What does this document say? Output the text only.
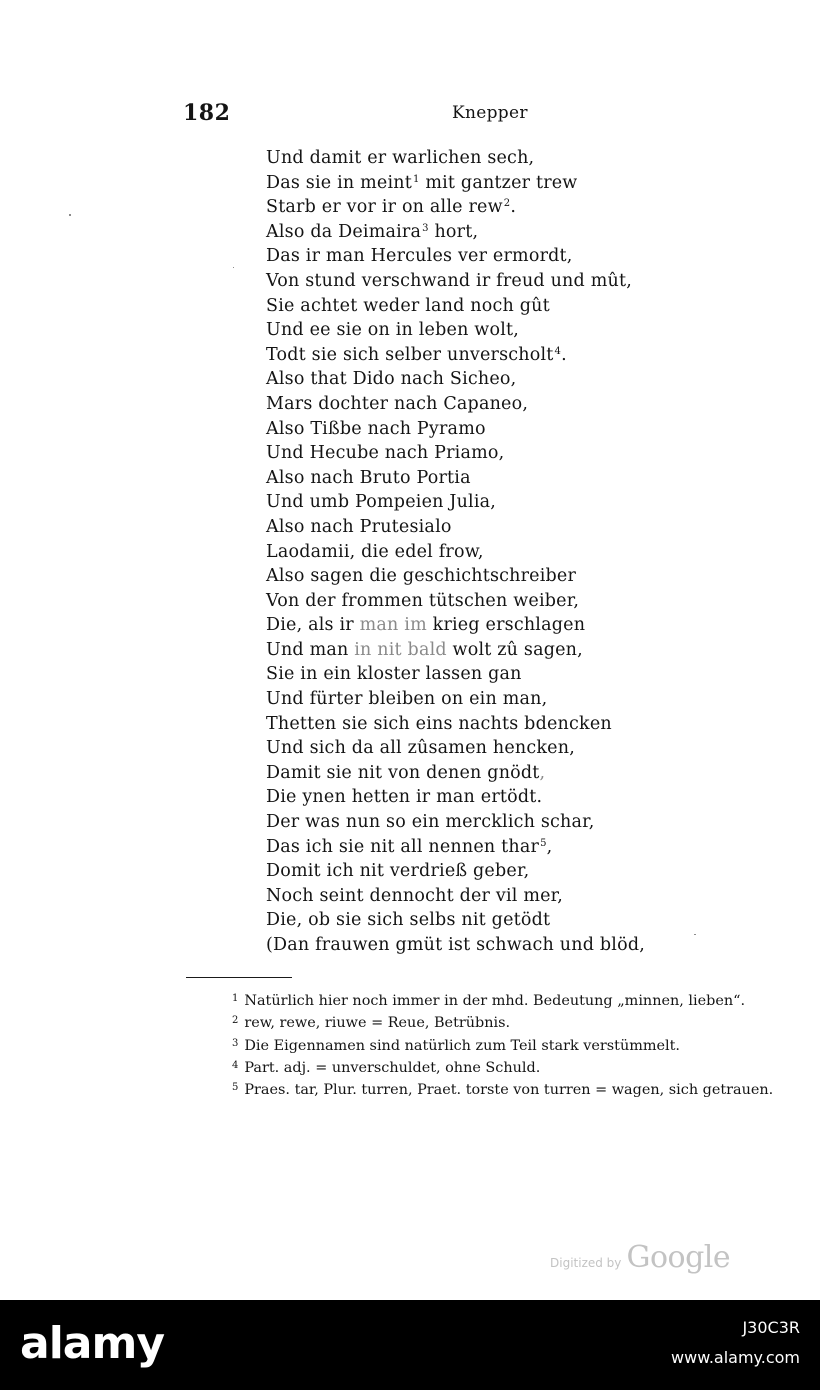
182	Knepper
Und damit er warlichen sech,
Das sie in meint$^1$ mit gantzer trew
Starb er vor ir on alle rew$^2$.
Also da Deimaira$^3$ hort,
Das ir man Hercules ver ermordt,
Von stund verschwand ir freud und mût,
Sie achtet weder land noch gût
Und ee sie on in leben wolt,
Todt sie sich selber unverscholt$^4$.
Also that Dido nach Sicheo,
Mars dochter nach Capaneo,
Also Tißbe nach Pyramo
Und Hecube nach Priamo,
Also nach Bruto Portia
Und umb Pompeien Julia,
Also nach Prutesialo
Laodamii, die edel frow,
Also sagen die geschichtschreiber
Von der frommen tütschen weiber,
Die, als ir man im krieg erschlagen
Und man in nit bald wolt zû sagen,
Sie in ein kloster lassen gan
Und fürter bleiben on ein man,
Thetten sie sich eins nachts bdencken
Und sich da all zûsamen hencken,
Damit sie nit von denen gnödt,
Die ynen hetten ir man ertödt.
Der was nun so ein mercklich schar,
Das ich sie nit all nennen thar$^5$,
Domit ich nit verdrieß geber,
Noch seint dennocht der vil mer,
Die, ob sie sich selbs nit getödt
(Dan frauwen gmüt ist schwach und blöd,

$^1$ Natürlich hier noch immer in der mhd. Bedeutung „minnen, lieben“.

$^2$ rew, rewe, riuwe = Reue, Betrübnis.

$^3$ Die Eigennamen sind natürlich zum Teil stark verstümmelt.

$^4$ Part. adj. = unverschuldet, ohne Schuld.

$^5$ Praes. tar, Plur. turren, Praet. torste von turren = wagen, sich getrauen.

Digitized by Google
alamy	J30C3R
www.alamy.com
